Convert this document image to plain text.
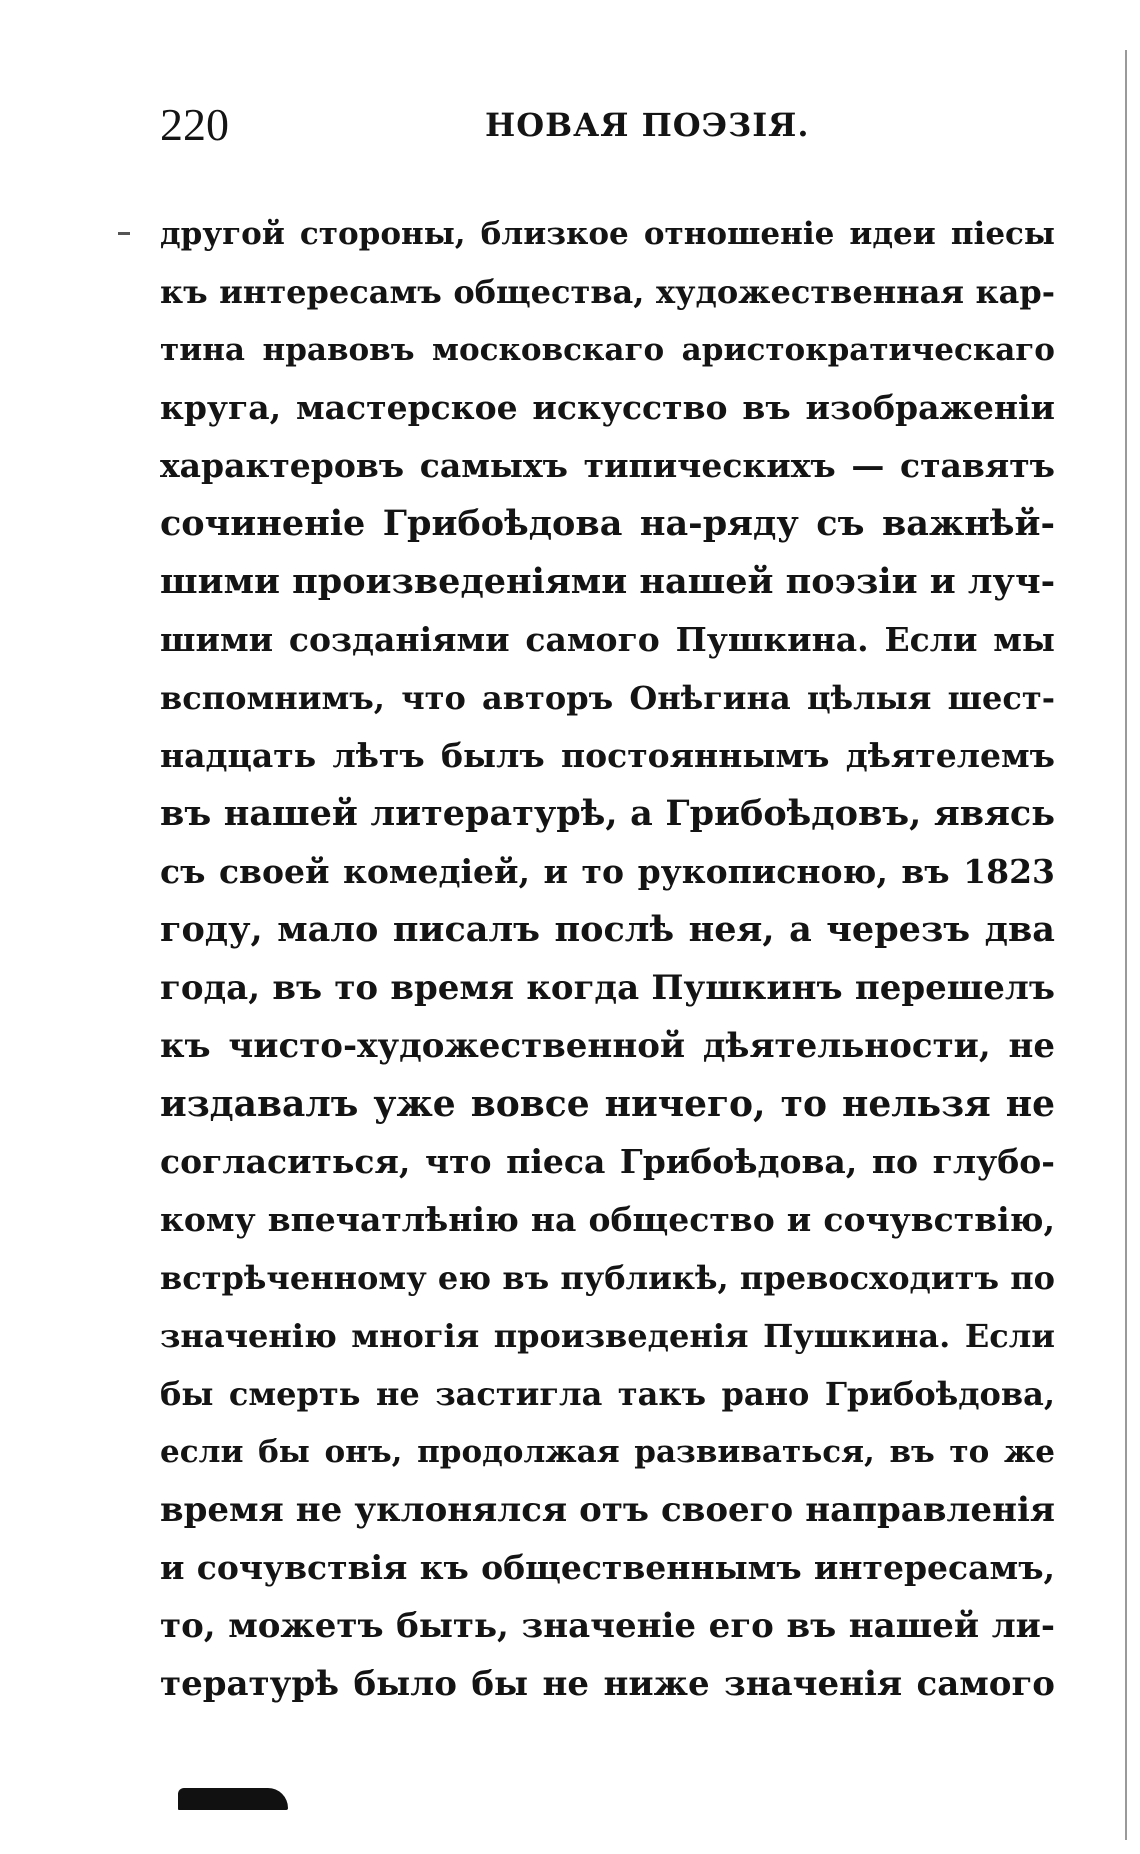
220	НОВАЯ ПОЭЗІЯ.
другой стороны, близкое отношеніе идеи піесы
къ интересамъ общества, художественная кар-
тина нравовъ московскаго аристократическаго
круга, мастерское искусство въ изображеніи
характеровъ самыхъ типическихъ — ставятъ
сочиненіе Грибоѣдова на-ряду съ важнѣй-
шими произведеніями нашей поэзіи и луч-
шими созданіями самого Пушкина. Если мы
вспомнимъ, что авторъ Онѣгина цѣлыя шест-
надцать лѣтъ былъ постояннымъ дѣятелемъ
въ нашей литературѣ, а Грибоѣдовъ, явясь
съ своей комедіей, и то рукописною, въ 1823
году, мало писалъ послѣ нея, а черезъ два
года, въ то время когда Пушкинъ перешелъ
къ чисто-художественной дѣятельности, не
издавалъ уже вовсе ничего, то нельзя не
согласиться, что піеса Грибоѣдова, по глубо-
кому впечатлѣнію на общество и сочувствію,
встрѣченному ею въ публикѣ, превосходитъ по
значенію многія произведенія Пушкина. Если
бы смерть не застигла такъ рано Грибоѣдова,
если бы онъ, продолжая развиваться, въ то же
время не уклонялся отъ своего направленія
и сочувствія къ общественнымъ интересамъ,
то, можетъ быть, значеніе его въ нашей ли-
тературѣ было бы не ниже значенія самого
